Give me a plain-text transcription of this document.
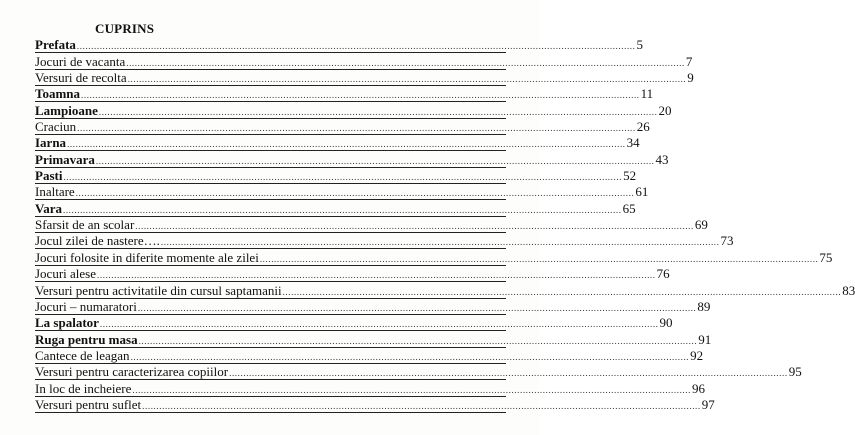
CUPRINS
Prefata .................................................................................................................................................................................................... 5
Jocuri de vacanta .................................................................................................................................................................................................... 7
Versuri de recolta .................................................................................................................................................................................................... 9
Toamna .................................................................................................................................................................................................... 11
Lampioane .................................................................................................................................................................................................... 20
Craciun .................................................................................................................................................................................................... 26
Iarna .................................................................................................................................................................................................... 34
Primavara .................................................................................................................................................................................................... 43
Pasti .................................................................................................................................................................................................... 52
Inaltare .................................................................................................................................................................................................... 61
Vara .................................................................................................................................................................................................... 65
Sfarsit de an scolar .................................................................................................................................................................................................... 69
Jocul zilei de nastere…. .................................................................................................................................................................................................... 73
Jocuri folosite in diferite momente ale zilei .................................................................................................................................................................................................... 75
Jocuri alese .................................................................................................................................................................................................... 76
Versuri pentru activitatile din cursul saptamanii .................................................................................................................................................................................................... 83
Jocuri – numaratori .................................................................................................................................................................................................... 89
La spalator .................................................................................................................................................................................................... 90
Ruga pentru masa .................................................................................................................................................................................................... 91
Cantece de leagan .................................................................................................................................................................................................... 92
Versuri pentru caracterizarea copiilor .................................................................................................................................................................................................... 95
In loc de incheiere .................................................................................................................................................................................................... 96
Versuri pentru suflet .................................................................................................................................................................................................... 97
